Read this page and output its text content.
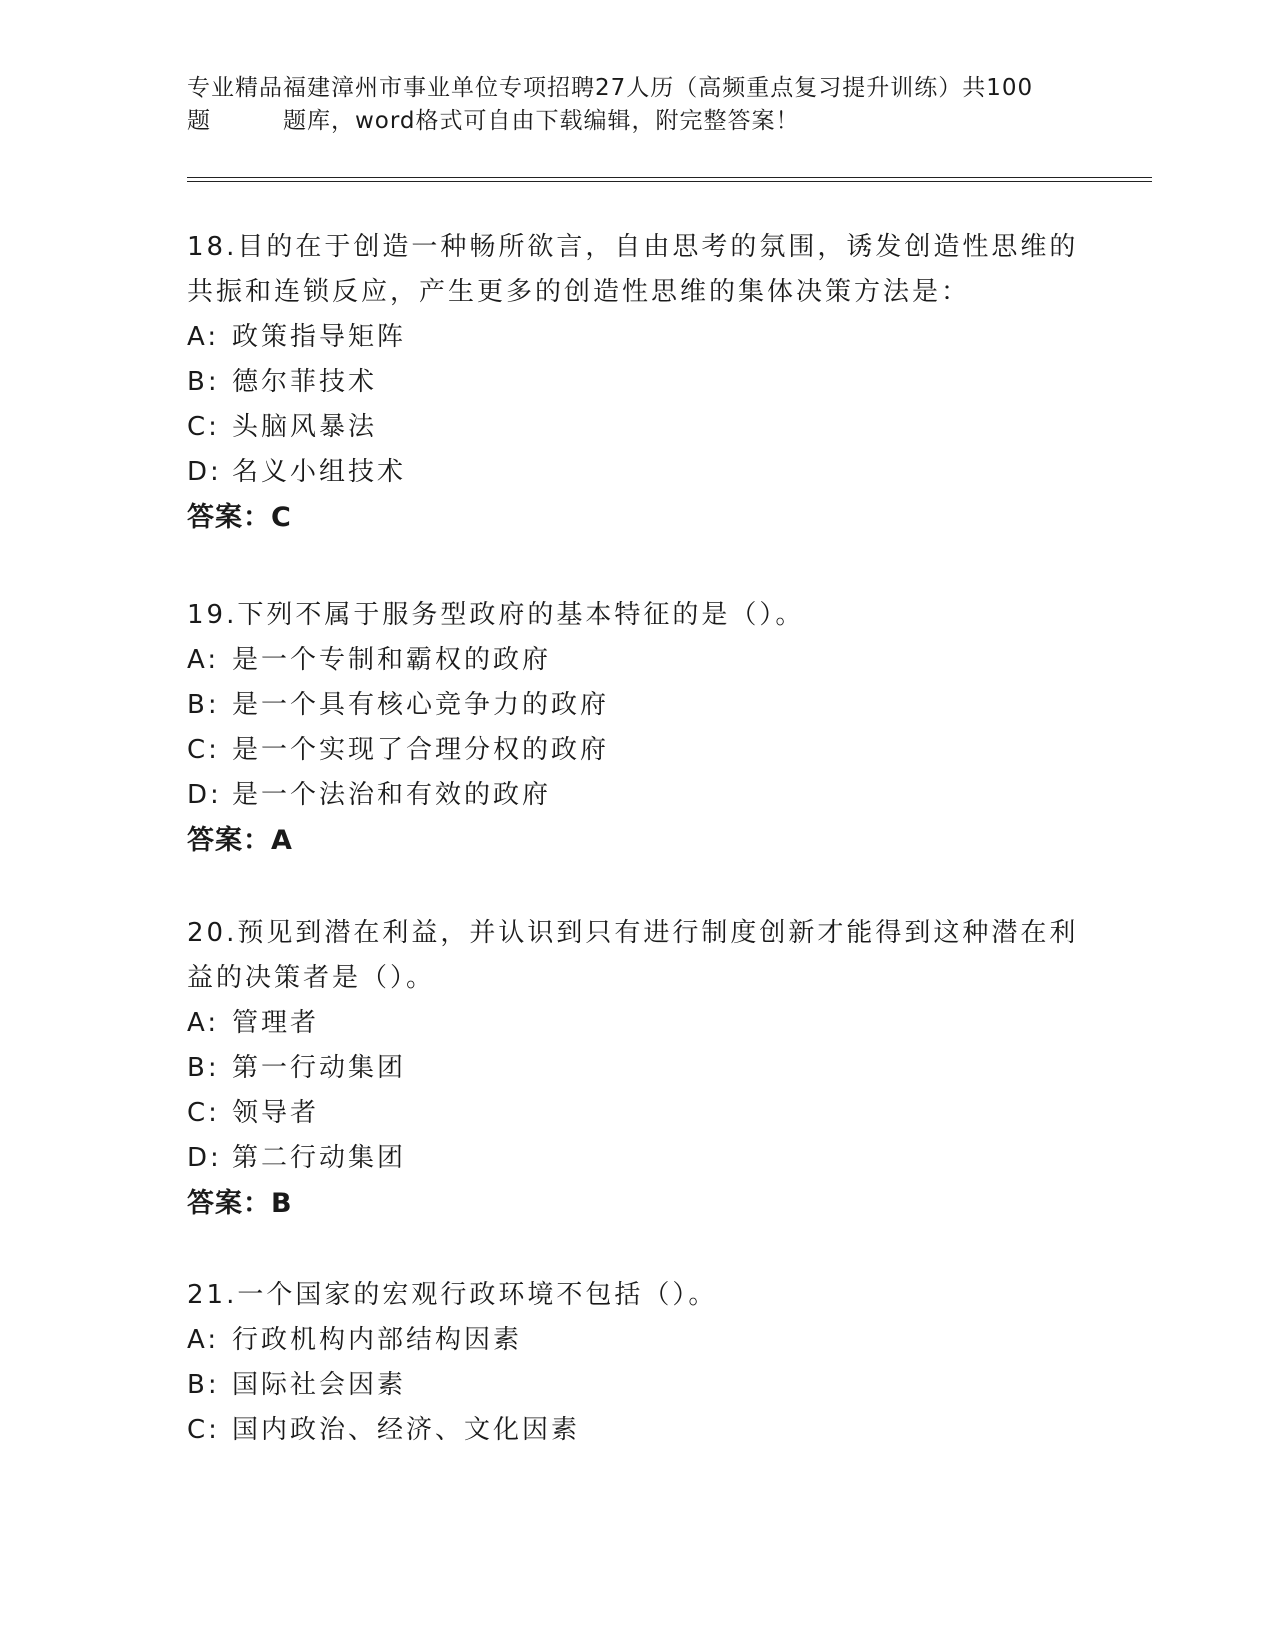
专业精品福建漳州市事业单位专项招聘27人历（高频重点复习提升训练）共100
题	题库，word格式可自由下载编辑，附完整答案！

18.目的在于创造一种畅所欲言，自由思考的氛围，诱发创造性思维的共振和连锁反应，产生更多的创造性思维的集体决策方法是：

A: 政策指导矩阵
B: 德尔菲技术
C: 头脑风暴法
D: 名义小组技术

答案：C

19.下列不属于服务型政府的基本特征的是（）。

A: 是一个专制和霸权的政府
B: 是一个具有核心竞争力的政府
C: 是一个实现了合理分权的政府
D: 是一个法治和有效的政府

答案：A

20.预见到潜在利益，并认识到只有进行制度创新才能得到这种潜在利益的决策者是（）。

A: 管理者
B: 第一行动集团
C: 领导者
D: 第二行动集团

答案：B

21.一个国家的宏观行政环境不包括（）。

A: 行政机构内部结构因素
B: 国际社会因素
C: 国内政治、经济、文化因素
